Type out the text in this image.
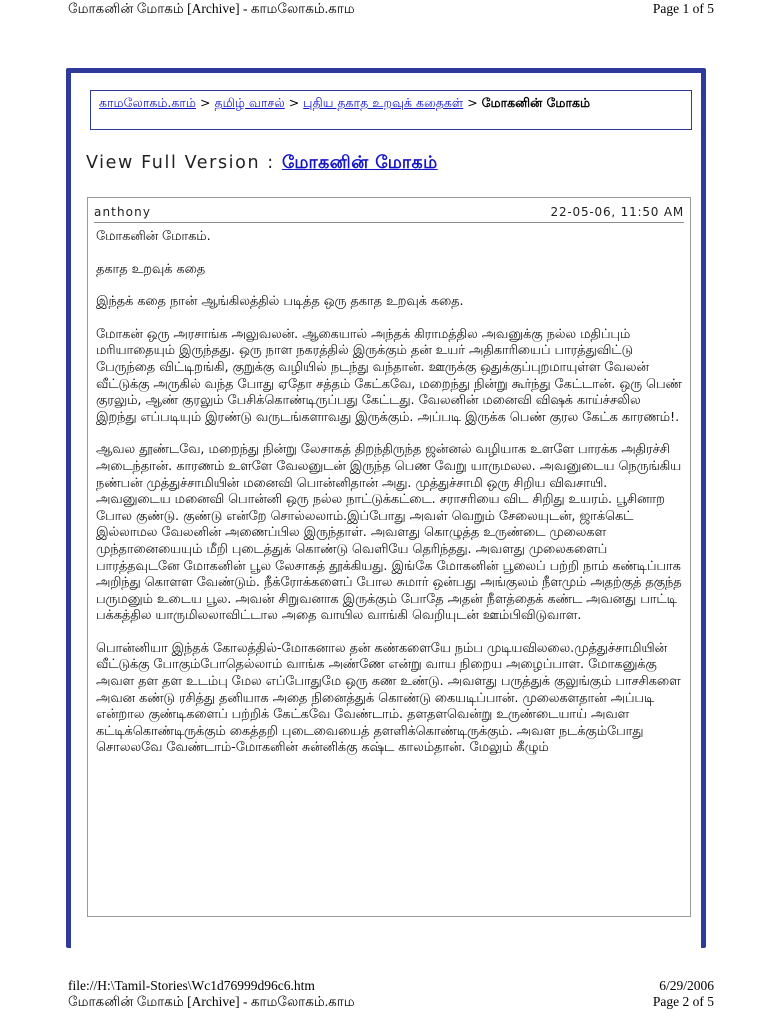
மோகனின் மோகம் [Archive] - காமலோகம்.காம	Page 1 of 5
காமலோகம்.காம் > தமிழ் வாசல் > புதிய தகாத உறவுக் கதைகள் > மோகனின் மோகம்
View Full Version : மோகனின் மோகம்
anthony	22-05-06, 11:50 AM

மோகனின் மோகம்.

தகாத உறவுக் கதை

இந்தக் கதை நான் ஆங்கிலத்தில் படித்த ஒரு தகாத உறவுக் கதை.

மோகன் ஒரு அரசாங்க அலுவலன். ஆகையால் அந்தக் கிராமத்தில அவனுக்கு நல்ல மதிப்பும் மரியாதையும் இருந்தது. ஒரு நாள நகரத்தில் இருக்கும் தன் உயர் அதிகாரியைப் பாரத்துவிட்டு பேருந்தை விட்டிறங்கி, குறுக்கு வழியில் நடந்து வந்தான். ஊருக்கு ஒதுக்குப்புறமாயுள்ள வேலன் வீட்டுக்கு அருகில் வந்த போது ஏதோ சத்தம் கேட்கவே, மறைந்து நின்று கூர்ந்து கேட்டான். ஒரு பெண் குரலும், ஆண் குரலும் பேசிக்கொண்டிருப்பது கேட்டது. வேலனின் மனைவி விஷக் காய்ச்சலில இறந்து எப்படியும் இரண்டு வருடங்களாவது இருக்கும். அப்படி இருக்க பெண் குரல கேட்க காரணம்!.

ஆவல தூண்டவே, மறைந்து நின்று லேசாகத் திறந்திருந்த ஜன்னல் வழியாக உளளே பாரக்க அதிரச்சி அடைந்தான். காரணம் உளளே வேலனுடன் இருந்த பெண வேறு யாருமலல. அவனுடைய நெருங்கிய நண்பன் முத்துச்சாமியின் மனைவி பொன்னிதான் அது. முத்துச்சாமி ஒரு சிறிய விவசாயி. அவனுடைய மனைவி பொன்னி ஒரு நல்ல நாட்டுக்கட்டை. சராசரியை விட சிறிது உயரம். பூசினாற போல குண்டு. குண்டு என்றே சொல்லலாம்.இப்போது அவள் வெறும் சேலையுடன், ஜாக்கெட் இல்லாமல வேலனின் அணைப்பில இருந்தாள். அவளது கொழுத்த உருண்டை முலைகள முந்தானையையும் மீறி புடைத்துக் கொண்டு வெளியே தெரிந்தது. அவளது முலைகளைப் பாரத்தவுடனே மோகனின் பூல லேசாகத் தூக்கியது. இங்கே மோகனின் பூலைப் பற்றி நாம் கண்டிப்பாக அறிந்து கொளள வேண்டும். நீக்ரோக்களைப் போல சுமார் ஒன்பது அங்குலம் நீளமும் அதற்குத் தகுந்த பருமனும் உடைய பூல. அவன் சிறுவனாக இருக்கும் போதே அதன் நீளத்தைக் கண்ட அவனது பாட்டி பக்கத்தில யாருமிலலாவிட்டால அதை வாயில வாங்கி வெறியுடன் ஊம்பிவிடுவாள.

பொன்னியா இந்தக் கோலத்தில்-மோகனால தன் கண்களையே நம்ப முடியவிலலை.முத்துச்சாமியின் வீட்டுக்கு போகும்போதெல்லாம் வாங்க அண்ணே என்று வாய நிறைய அழைப்பாள. மோகனுக்கு அவள தள தள உடம்பு மேல எப்போதுமே ஒரு கண உண்டு. அவளது பருத்துக் குலுங்கும் பாசசிகளை அவன கண்டு ரசித்து தனியாக அதை நினைத்துக் கொண்டு கையடிப்பான். முலைகளதான் அப்படி என்றால குண்டிகளைப் பற்றிக் கேட்கவே வேண்டாம். தளதளவென்று உருண்டையாய் அவள கட்டிக்கொண்டிருக்கும் கைத்தறி புடைவையைத் தளளிக்கொண்டிருக்கும். அவள நடக்கும்போது சொலலவே வேண்டாம்-மோகனின் சுன்னிக்கு கஷ்ட காலம்தான். மேலும் கீழும்

file://H:\Tamil-Stories\Wc1d76999d96c6.htm	6/29/2006
மோகனின் மோகம் [Archive] - காமலோகம்.காம	Page 2 of 5
